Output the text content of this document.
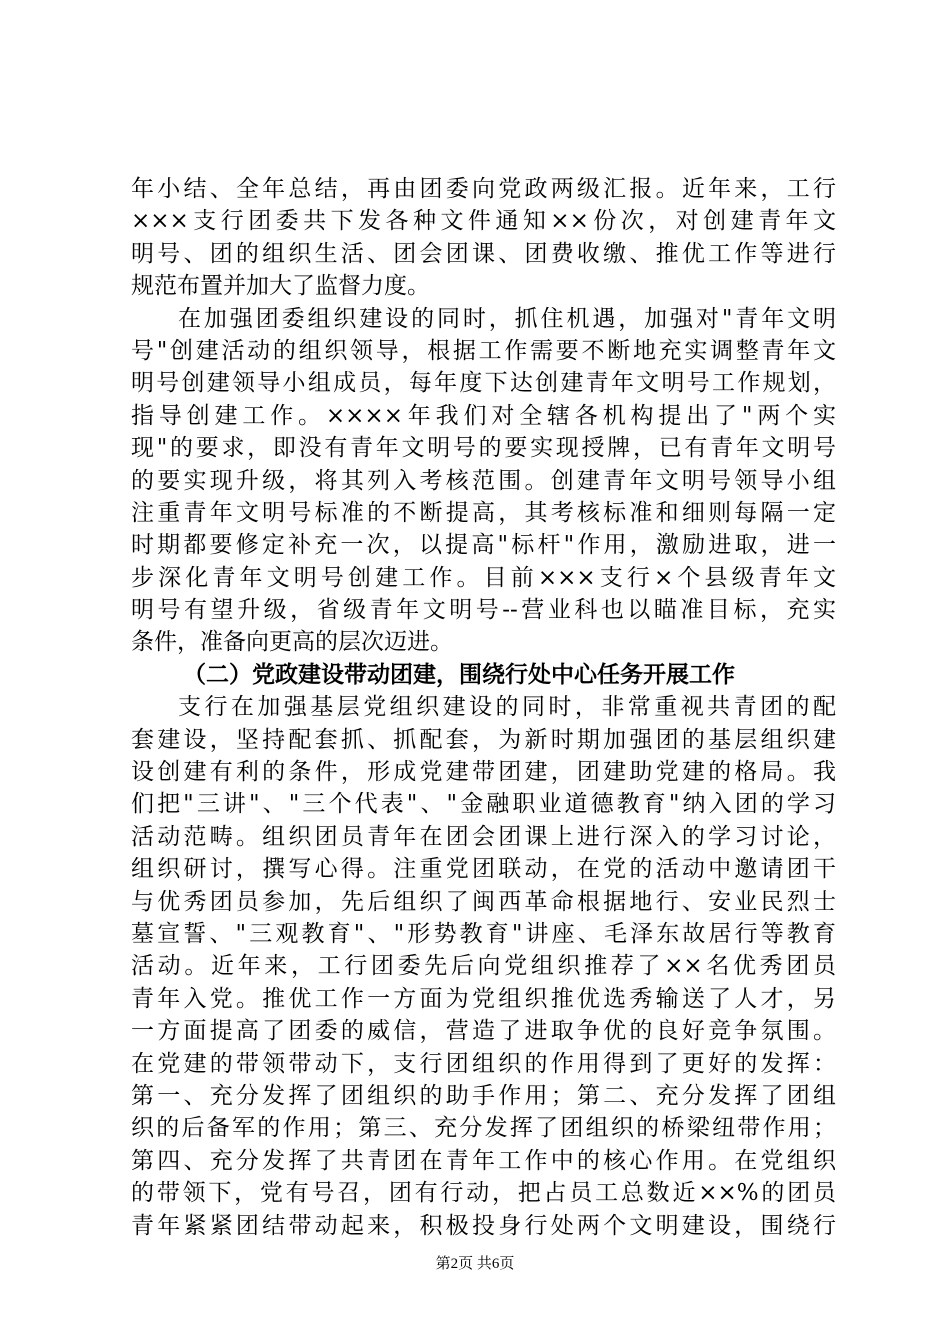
年小结、全年总结，再由团委向党政两级汇报。近年来，工行
×××支行团委共下发各种文件通知××份次，对创建青年文
明号、团的组织生活、团会团课、团费收缴、推优工作等进行
规范布置并加大了监督力度。
在加强团委组织建设的同时，抓住机遇，加强对"青年文明
号"创建活动的组织领导，根据工作需要不断地充实调整青年文
明号创建领导小组成员，每年度下达创建青年文明号工作规划，
指导创建工作。××××年我们对全辖各机构提出了"两个实
现"的要求，即没有青年文明号的要实现授牌，已有青年文明号
的要实现升级，将其列入考核范围。创建青年文明号领导小组
注重青年文明号标准的不断提高，其考核标准和细则每隔一定
时期都要修定补充一次，以提高"标杆"作用，激励进取，进一
步深化青年文明号创建工作。目前×××支行×个县级青年文
明号有望升级，省级青年文明号--营业科也以瞄准目标，充实
条件，准备向更高的层次迈进。
（二）党政建设带动团建，围绕行处中心任务开展工作
支行在加强基层党组织建设的同时，非常重视共青团的配
套建设，坚持配套抓、抓配套，为新时期加强团的基层组织建
设创建有利的条件，形成党建带团建，团建助党建的格局。我
们把"三讲"、"三个代表"、"金融职业道德教育"纳入团的学习
活动范畴。组织团员青年在团会团课上进行深入的学习讨论，
组织研讨，撰写心得。注重党团联动，在党的活动中邀请团干
与优秀团员参加，先后组织了闽西革命根据地行、安业民烈士
墓宣誓、"三观教育"、"形势教育"讲座、毛泽东故居行等教育
活动。近年来，工行团委先后向党组织推荐了××名优秀团员
青年入党。推优工作一方面为党组织推优选秀输送了人才，另
一方面提高了团委的威信，营造了进取争优的良好竞争氛围。
在党建的带领带动下，支行团组织的作用得到了更好的发挥：
第一、充分发挥了团组织的助手作用；第二、充分发挥了团组
织的后备军的作用；第三、充分发挥了团组织的桥梁纽带作用；
第四、充分发挥了共青团在青年工作中的核心作用。在党组织
的带领下，党有号召，团有行动，把占员工总数近××%的团员
青年紧紧团结带动起来，积极投身行处两个文明建设，围绕行
第2页 共6页
